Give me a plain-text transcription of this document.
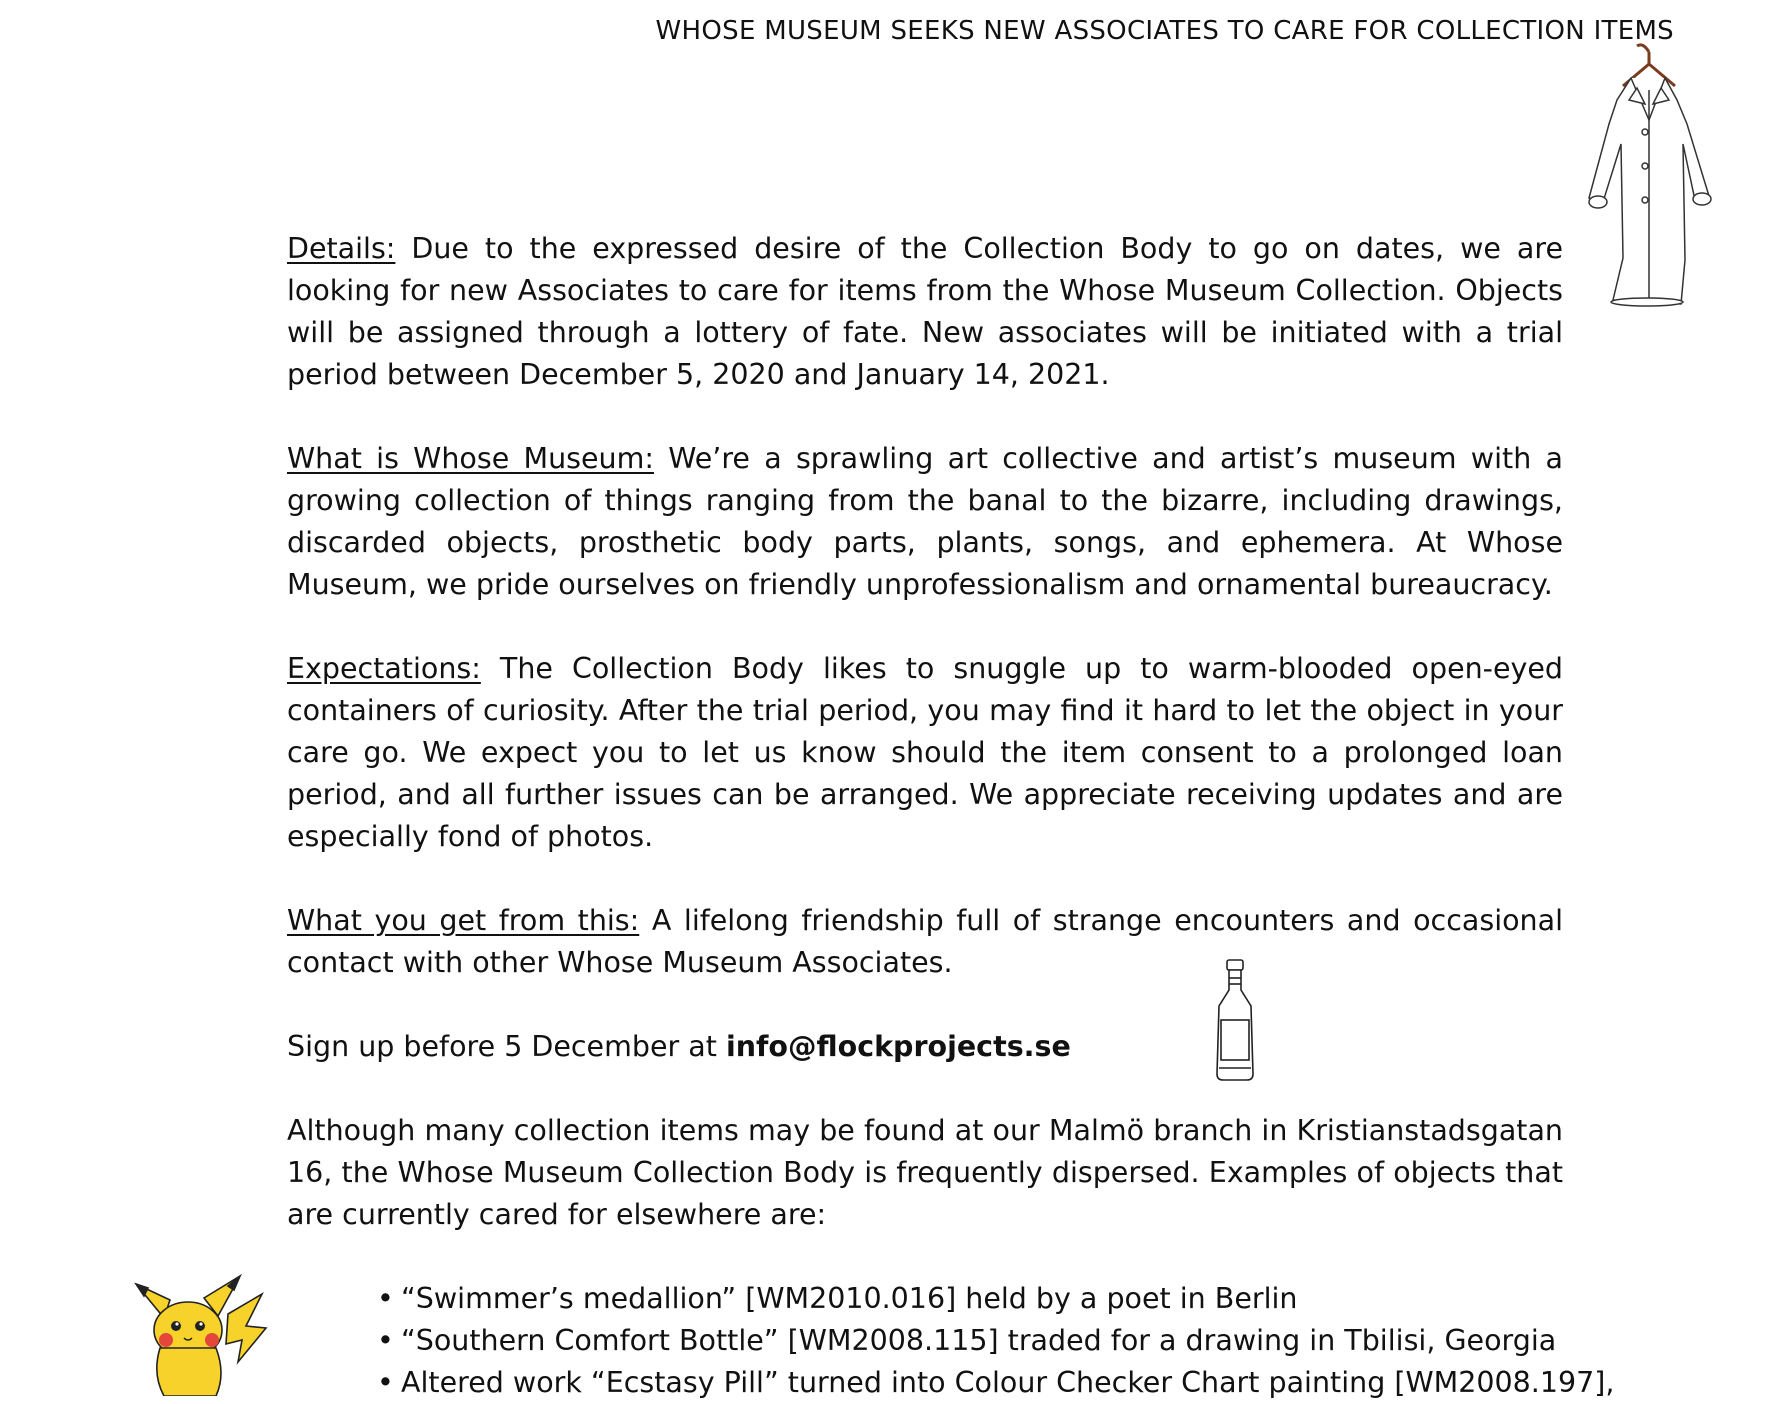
WHOSE MUSEUM SEEKS NEW ASSOCIATES TO CARE FOR COLLECTION ITEMS

Details: Due to the expressed desire of the Collection Body to go on dates, we are looking for new Associates to care for items from the Whose Museum Collection. Objects will be assigned through a lottery of fate. New associates will be initiated with a trial period between December 5, 2020 and January 14, 2021.

What is Whose Museum: We’re a sprawling art collective and artist’s museum with a growing collection of things ranging from the banal to the bizarre, including drawings, discarded objects, prosthetic body parts, plants, songs, and ephemera. At Whose Museum, we pride ourselves on friendly unprofessionalism and ornamental bureaucracy.

Expectations: The Collection Body likes to snuggle up to warm-blooded open-eyed containers of curiosity. After the trial period, you may find it hard to let the object in your care go. We expect you to let us know should the item consent to a prolonged loan period, and all further issues can be arranged. We appreciate receiving updates and are especially fond of photos.

What you get from this: A lifelong friendship full of strange encounters and occasional contact with other Whose Museum Associates.

Sign up before 5 December at info@flockprojects.se

Although many collection items may be found at our Malmö branch in Kristianstadsgatan 16, the Whose Museum Collection Body is frequently dispersed. Examples of objects that are currently cared for elsewhere are:

• “Swimmer’s medallion” [WM2010.016] held by a poet in Berlin
• “Southern Comfort Bottle” [WM2008.115] traded for a drawing in Tbilisi, Georgia
• Altered work “Ecstasy Pill” turned into Colour Checker Chart painting [WM2008.197],
